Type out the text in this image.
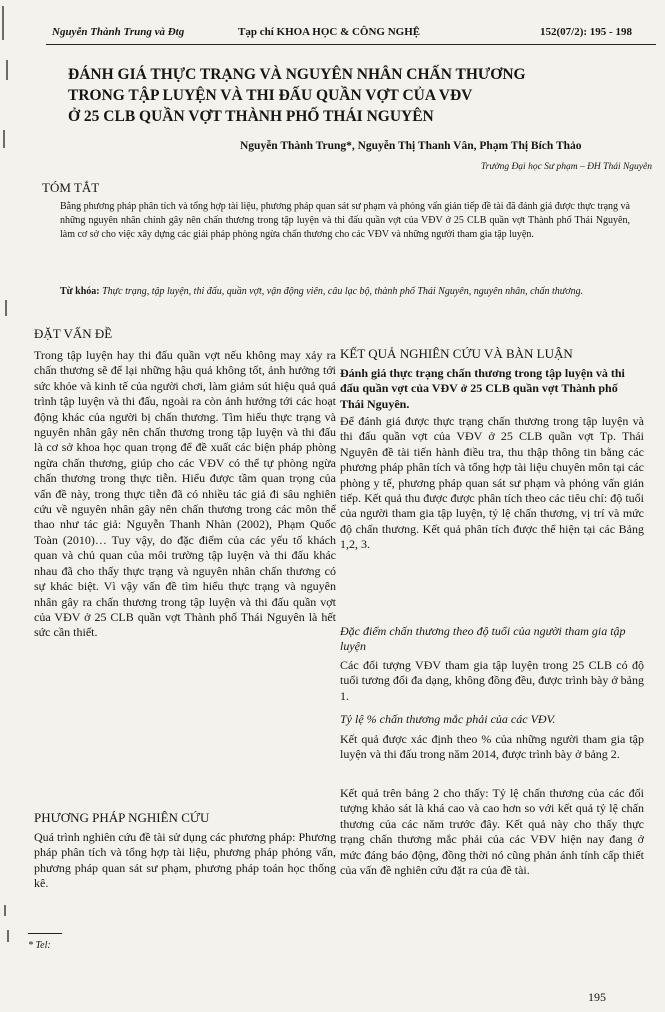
Nguyễn Thành Trung và Đtg	Tạp chí KHOA HỌC & CÔNG NGHỆ	152(07/2): 195 - 198
ĐÁNH GIÁ THỰC TRẠNG VÀ NGUYÊN NHÂN CHẤN THƯƠNG
TRONG TẬP LUYỆN VÀ THI ĐẤU QUẦN VỢT CỦA VĐV
Ở 25 CLB QUẦN VỢT THÀNH PHỐ THÁI NGUYÊN
Nguyễn Thành Trung*, Nguyễn Thị Thanh Vân, Phạm Thị Bích Thảo
Trường Đại học Sư phạm – ĐH Thái Nguyên
TÓM TẮT

Bằng phương pháp phân tích và tổng hợp tài liệu, phương pháp quan sát sư phạm và phỏng vấn gián tiếp đề tài đã đánh giá được thực trạng và những nguyên nhân chính gây nên chấn thương trong tập luyện và thi đấu quần vợt của VĐV ở 25 CLB quần vợt Thành phố Thái Nguyên, làm cơ sở cho việc xây dựng các giải pháp phòng ngừa chấn thương cho các VĐV và những người tham gia tập luyện.

Từ khóa: Thực trạng, tập luyện, thi đấu, quần vợt, vận động viên, câu lạc bộ, thành phố Thái Nguyên, nguyên nhân, chấn thương.

ĐẶT VẤN ĐỀ

Trong tập luyện hay thi đấu quần vợt nếu không may xảy ra chấn thương sẽ để lại những hậu quả không tốt, ảnh hưởng tới sức khỏe và kinh tế của người chơi, làm giảm sút hiệu quả quá trình tập luyện và thi đấu, ngoài ra còn ảnh hưởng tới các hoạt động khác của người bị chấn thương. Tìm hiểu thực trạng và nguyên nhân gây nên chấn thương trong tập luyện và thi đấu là cơ sở khoa học quan trọng để đề xuất các biện pháp phòng ngừa chấn thương, giúp cho các VĐV có thể tự phòng ngừa chấn thương trong thực tiễn. Hiểu được tầm quan trọng của vấn đề này, trong thực tiễn đã có nhiều tác giả đi sâu nghiên cứu về nguyên nhân gây nên chấn thương trong các môn thể thao như tác giả: Nguyễn Thanh Nhàn (2002), Phạm Quốc Toàn (2010)… Tuy vậy, do đặc điểm của các yếu tố khách quan và chủ quan của môi trường tập luyện và thi đấu khác nhau đã cho thấy thực trạng và nguyên nhân chấn thương có sự khác biệt. Vì vậy vấn đề tìm hiểu thực trạng và nguyên nhân gây ra chấn thương trong tập luyện và thi đấu quần vợt của VĐV ở 25 CLB quần vợt Thành phố Thái Nguyên là hết sức cần thiết.

PHƯƠNG PHÁP NGHIÊN CỨU

Quá trình nghiên cứu đề tài sử dụng các phương pháp: Phương pháp phân tích và tổng hợp tài liệu, phương pháp phỏng vấn, phương pháp quan sát sư phạm, phương pháp toán học thống kê.

* Tel:
KẾT QUẢ NGHIÊN CỨU VÀ BÀN LUẬN

Đánh giá thực trạng chấn thương trong tập luyện và thi đấu quần vợt của VĐV ở 25 CLB quần vợt Thành phố Thái Nguyên.

Để đánh giá được thực trạng chấn thương trong tập luyện và thi đấu quần vợt của VĐV ở 25 CLB quần vợt Tp. Thái Nguyên đề tài tiến hành điều tra, thu thập thông tin bằng các phương pháp phân tích và tổng hợp tài liệu chuyên môn tại các phòng y tế, phương pháp quan sát sư phạm và phỏng vấn gián tiếp. Kết quả thu được được phân tích theo các tiêu chí: độ tuổi của người tham gia tập luyện, tỷ lệ chấn thương, vị trí và mức độ chấn thương. Kết quả phân tích được thể hiện tại các Bảng 1,2, 3.

Đặc điểm chấn thương theo độ tuổi của người tham gia tập luyện

Các đối tượng VĐV tham gia tập luyện trong 25 CLB có độ tuổi tương đối đa dạng, không đồng đều, được trình bày ở bảng 1.

Tỷ lệ % chấn thương mắc phải của các VĐV.

Kết quả được xác định theo % của những người tham gia tập luyện và thi đấu trong năm 2014, được trình bày ở bảng 2.

Kết quả trên bảng 2 cho thấy: Tỷ lệ chấn thương của các đối tượng khảo sát là khá cao và cao hơn so với kết quả tỷ lệ chấn thương của các năm trước đây. Kết quả này cho thấy thực trạng chấn thương mắc phải của các VĐV hiện nay đang ở mức đáng báo động, đồng thời nó cũng phản ánh tính cấp thiết của vấn đề nghiên cứu đặt ra của đề tài.

195
